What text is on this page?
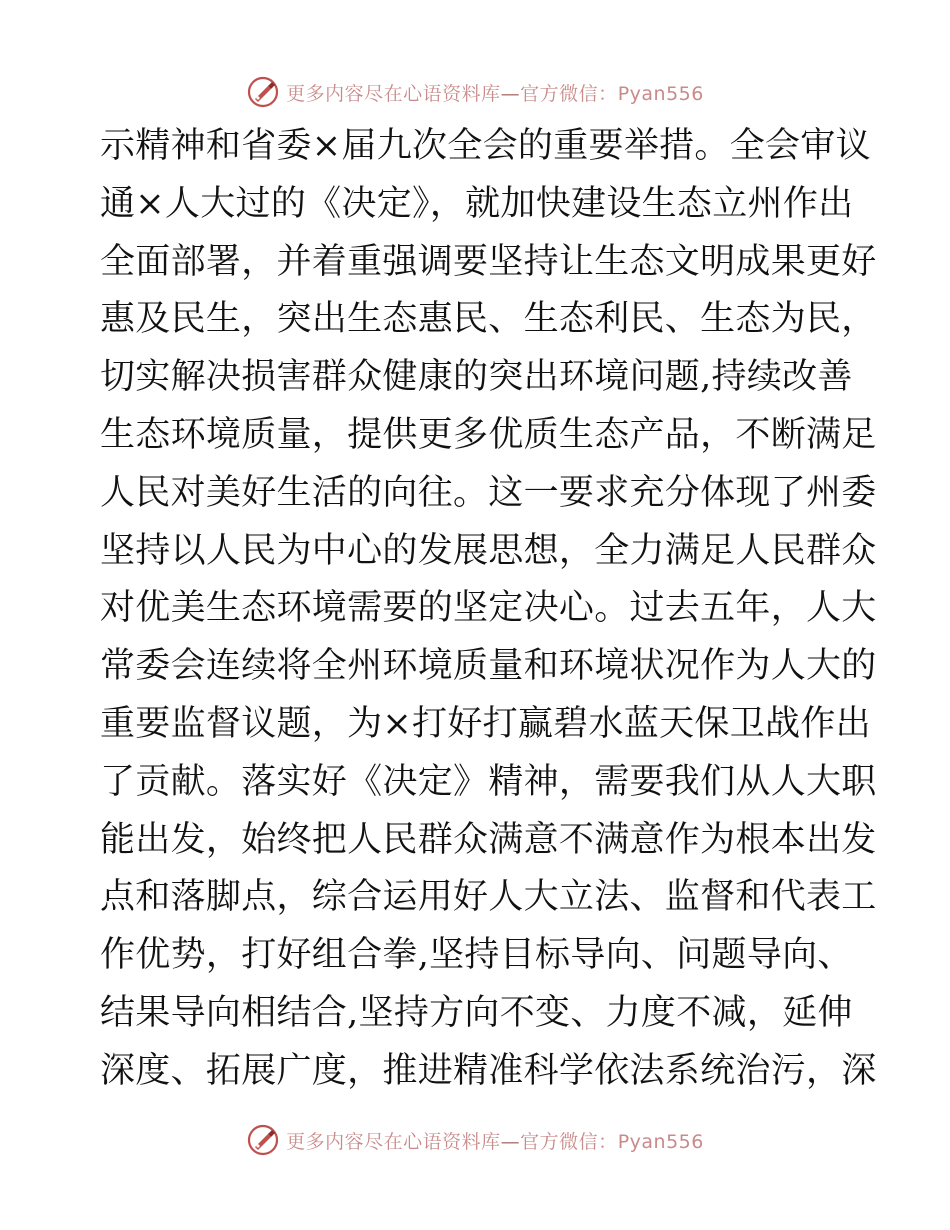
更多内容尽在心语资料库—官方微信：Pyan556
示精神和省委×届九次全会的重要举措。全会审议
通×人大过的《决定》，就加快建设生态立州作出
全面部署，并着重强调要坚持让生态文明成果更好
惠及民生，突出生态惠民、生态利民、生态为民，
切实解决损害群众健康的突出环境问题,持续改善
生态环境质量，提供更多优质生态产品，不断满足
人民对美好生活的向往。这一要求充分体现了州委
坚持以人民为中心的发展思想，全力满足人民群众
对优美生态环境需要的坚定决心。过去五年，人大
常委会连续将全州环境质量和环境状况作为人大的
重要监督议题，为×打好打赢碧水蓝天保卫战作出
了贡献。落实好《决定》精神，需要我们从人大职
能出发，始终把人民群众满意不满意作为根本出发
点和落脚点，综合运用好人大立法、监督和代表工
作优势，打好组合拳,坚持目标导向、问题导向、
结果导向相结合,坚持方向不变、力度不减，延伸
深度、拓展广度，推进精准科学依法系统治污，深
更多内容尽在心语资料库—官方微信：Pyan556
